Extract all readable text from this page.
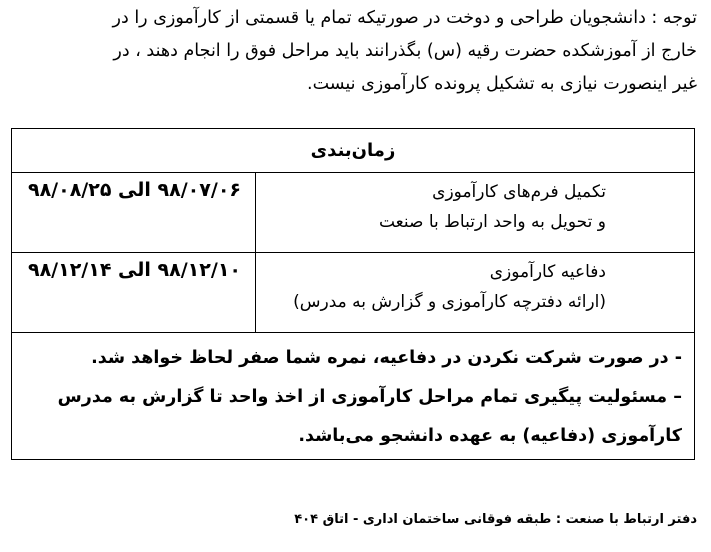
توجه : دانشجویان طراحی و دوخت در صورتیکه تمام یا قسمتی از کارآموزی را در
خارج از آموزشکده حضرت رقیه (س) بگذرانند باید مراحل فوق را انجام دهند ، در
غیر اینصورت نیازی به تشکیل پرونده کارآموزی نیست.
زمان‌بندی
تکمیل فرم‌های کارآموزی
و تحویل به واحد ارتباط با صنعت
۹۸/۰۷/۰۶ الی ۹۸/۰۸/۲۵
دفاعیه کارآموزی
(ارائه دفترچه کارآموزی و گزارش به مدرس)
۹۸/۱۲/۱۰ الی ۹۸/۱۲/۱۴
- در صورت شرکت نکردن در دفاعیه، نمره شما صفر لحاظ خواهد شد.
– مسئولیت پیگیری تمام مراحل کارآموزی از اخذ واحد تا گزارش به مدرس
کارآموزی (دفاعیه) به عهده دانشجو می‌باشد.
دفتر ارتباط با صنعت : طبقه فوقانی ساختمان اداری - اتاق ۴۰۴
